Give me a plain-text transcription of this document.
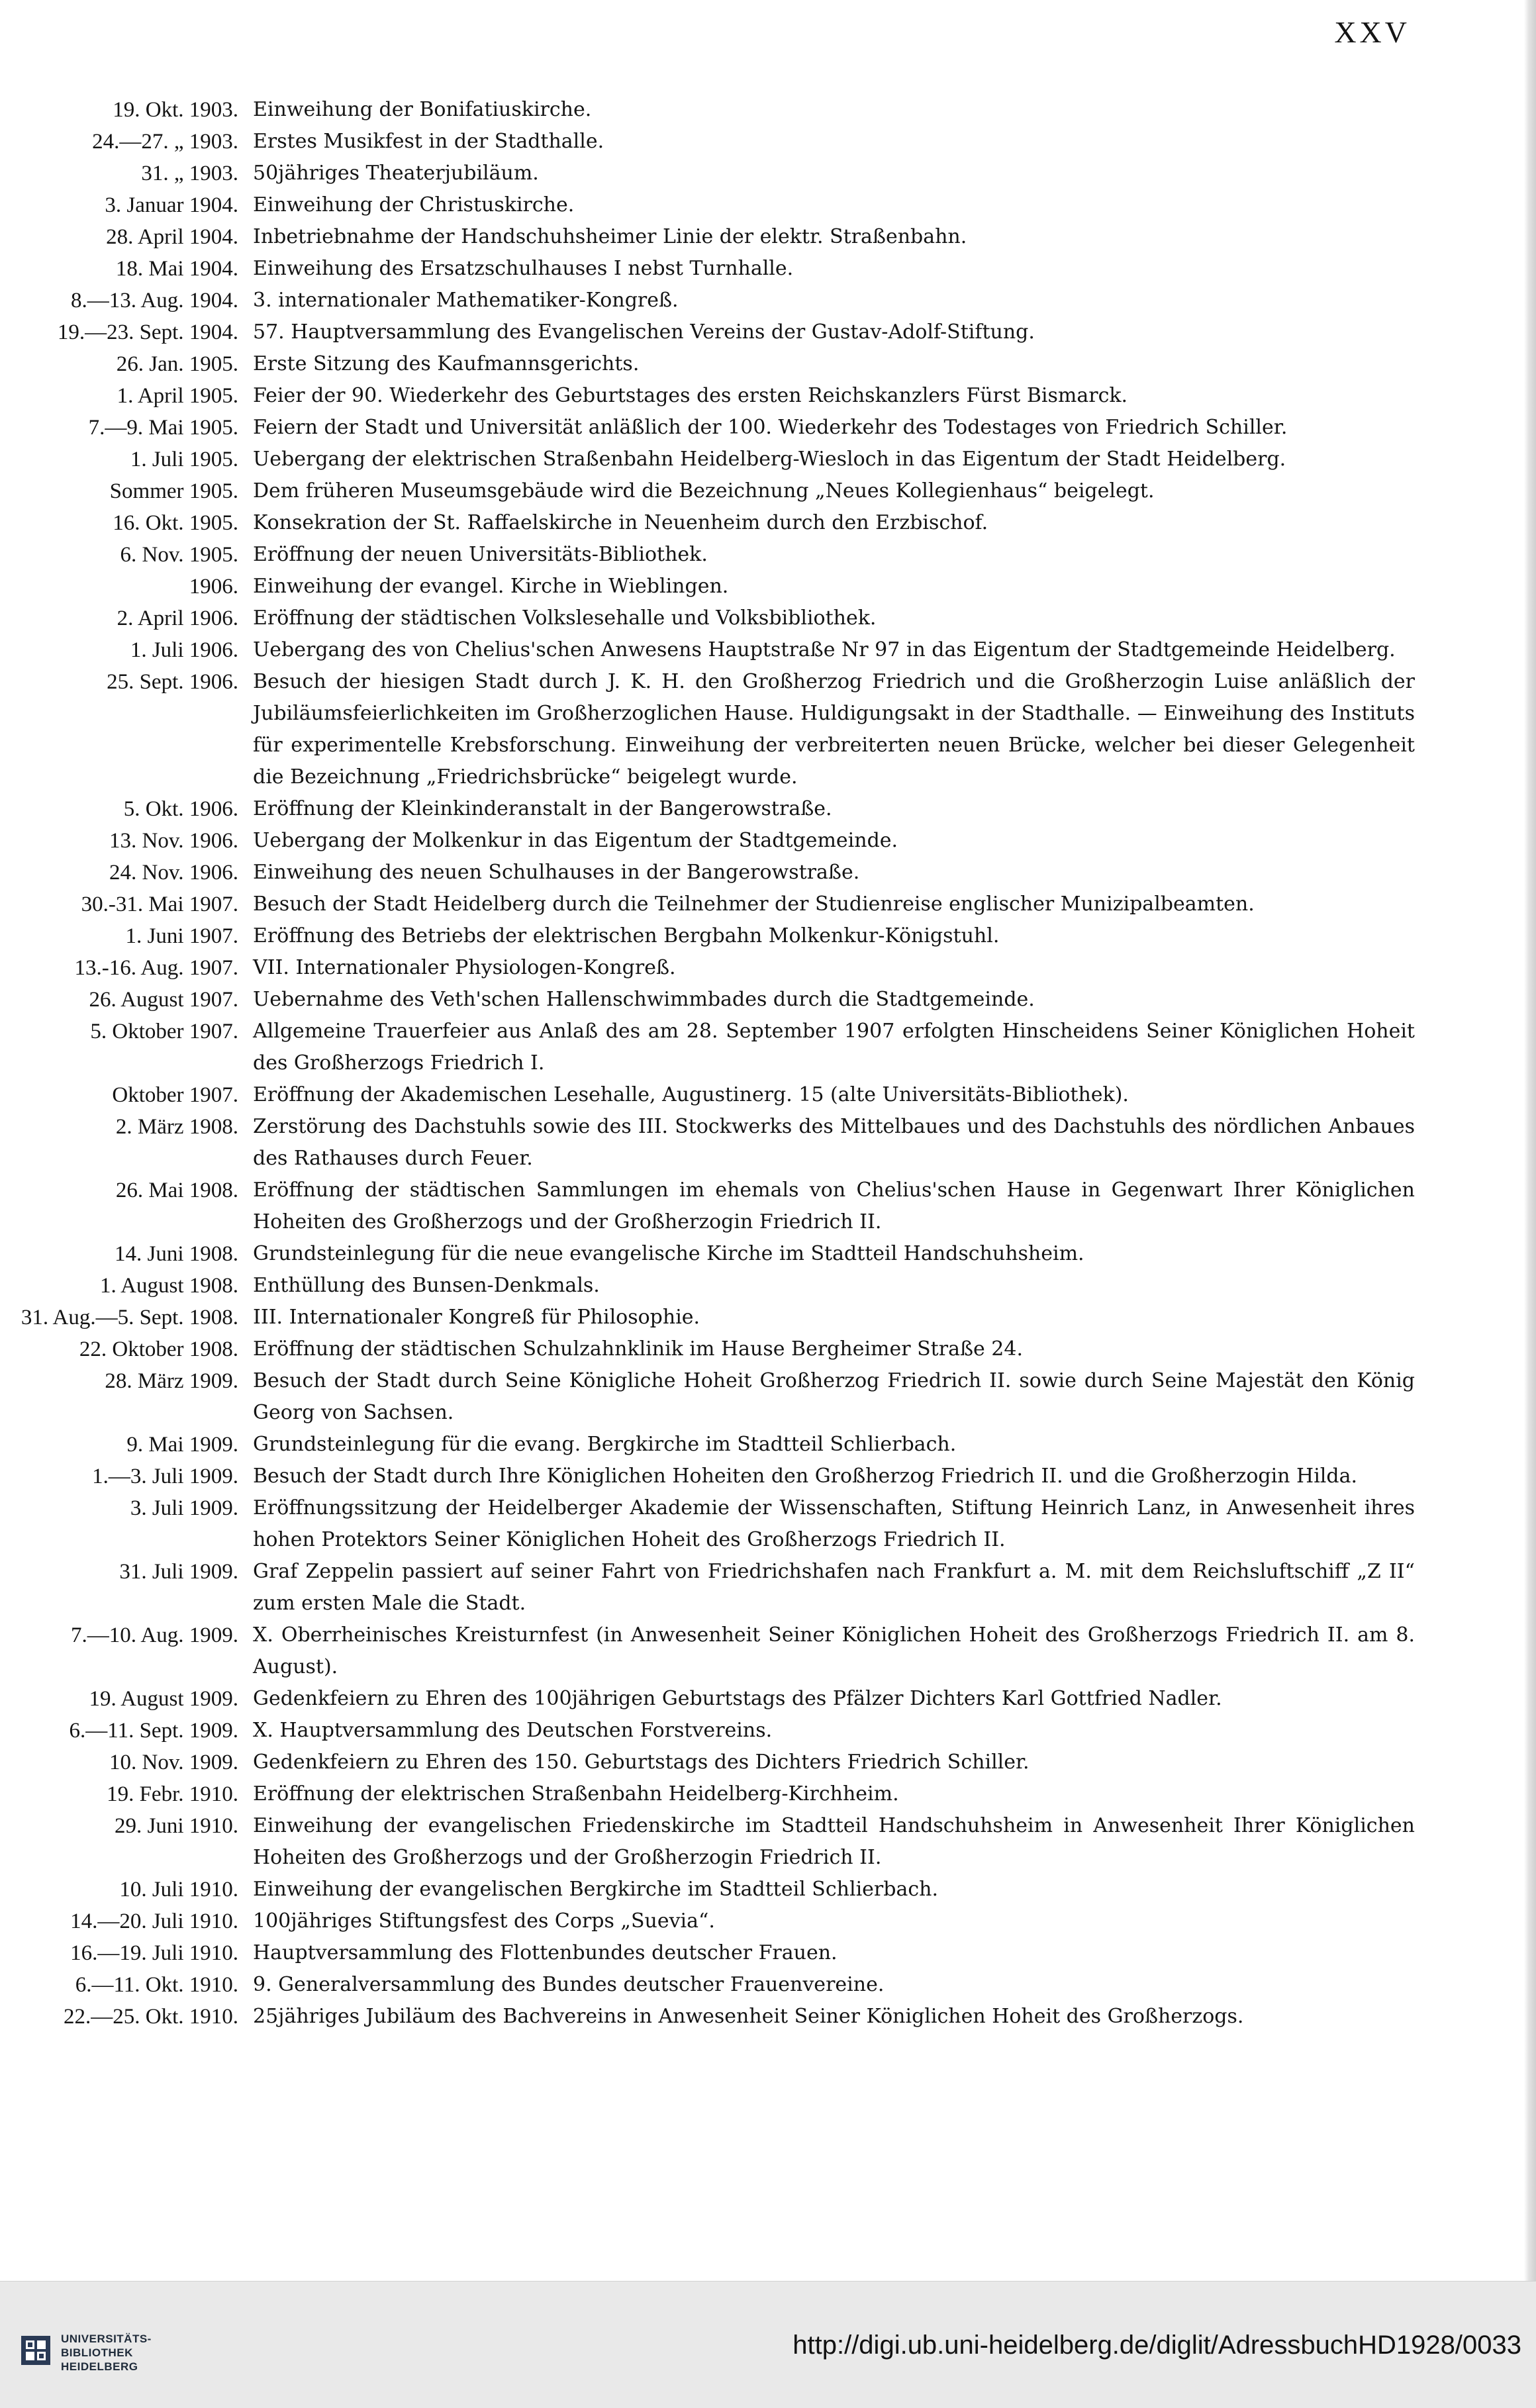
XXV
19. Okt. 1903. Einweihung der Bonifatiuskirche.
24.—27. „ 1903. Erstes Musikfest in der Stadthalle.
31. „ 1903. 50jähriges Theaterjubiläum.
3. Januar 1904. Einweihung der Christuskirche.
28. April 1904. Inbetriebnahme der Handschuhsheimer Linie der elektr. Straßenbahn.
18. Mai 1904. Einweihung des Ersatzschulhauses I nebst Turnhalle.
8.—13. Aug. 1904. 3. internationaler Mathematiker-Kongreß.
19.—23. Sept. 1904. 57. Hauptversammlung des Evangelischen Vereins der Gustav-Adolf-Stiftung.
26. Jan. 1905. Erste Sitzung des Kaufmannsgerichts.
1. April 1905. Feier der 90. Wiederkehr des Geburtstages des ersten Reichskanzlers Fürst Bismarck.
7.—9. Mai 1905. Feiern der Stadt und Universität anläßlich der 100. Wiederkehr des Todestages von Friedrich Schiller.
1. Juli 1905. Uebergang der elektrischen Straßenbahn Heidelberg-Wiesloch in das Eigentum der Stadt Heidelberg.
Sommer 1905. Dem früheren Museumsgebäude wird die Bezeichnung „Neues Kollegienhaus“ beigelegt.
16. Okt. 1905. Konsekration der St. Raffaelskirche in Neuenheim durch den Erzbischof.
6. Nov. 1905. Eröffnung der neuen Universitäts-Bibliothek.
1906. Einweihung der evangel. Kirche in Wieblingen.
2. April 1906. Eröffnung der städtischen Volkslesehalle und Volksbibliothek.
1. Juli 1906. Uebergang des von Chelius'schen Anwesens Hauptstraße Nr 97 in das Eigentum der Stadtgemeinde Heidelberg.
25. Sept. 1906. Besuch der hiesigen Stadt durch J. K. H. den Großherzog Friedrich und die Großherzogin Luise anläßlich der Jubiläumsfeierlichkeiten im Großherzoglichen Hause. Huldigungsakt in der Stadthalle. — Einweihung des Instituts für experimentelle Krebsforschung. Einweihung der verbreiterten neuen Brücke, welcher bei dieser Gelegenheit die Bezeichnung „Friedrichsbrücke“ beigelegt wurde.
5. Okt. 1906. Eröffnung der Kleinkinderanstalt in der Bangerowstraße.
13. Nov. 1906. Uebergang der Molkenkur in das Eigentum der Stadtgemeinde.
24. Nov. 1906. Einweihung des neuen Schulhauses in der Bangerowstraße.
30.-31. Mai 1907. Besuch der Stadt Heidelberg durch die Teilnehmer der Studienreise englischer Munizipalbeamten.
1. Juni 1907. Eröffnung des Betriebs der elektrischen Bergbahn Molkenkur-Königstuhl.
13.-16. Aug. 1907. VII. Internationaler Physiologen-Kongreß.
26. August 1907. Uebernahme des Veth'schen Hallenschwimmbades durch die Stadtgemeinde.
5. Oktober 1907. Allgemeine Trauerfeier aus Anlaß des am 28. September 1907 erfolgten Hinscheidens Seiner Königlichen Hoheit des Großherzogs Friedrich I.
Oktober 1907. Eröffnung der Akademischen Lesehalle, Augustinerg. 15 (alte Universitäts-Bibliothek).
2. März 1908. Zerstörung des Dachstuhls sowie des III. Stockwerks des Mittelbaues und des Dachstuhls des nördlichen Anbaues des Rathauses durch Feuer.
26. Mai 1908. Eröffnung der städtischen Sammlungen im ehemals von Chelius'schen Hause in Gegenwart Ihrer Königlichen Hoheiten des Großherzogs und der Großherzogin Friedrich II.
14. Juni 1908. Grundsteinlegung für die neue evangelische Kirche im Stadtteil Handschuhsheim.
1. August 1908. Enthüllung des Bunsen-Denkmals.
31. Aug.—5. Sept. 1908. III. Internationaler Kongreß für Philosophie.
22. Oktober 1908. Eröffnung der städtischen Schulzahnklinik im Hause Bergheimer Straße 24.
28. März 1909. Besuch der Stadt durch Seine Königliche Hoheit Großherzog Friedrich II. sowie durch Seine Majestät den König Georg von Sachsen.
9. Mai 1909. Grundsteinlegung für die evang. Bergkirche im Stadtteil Schlierbach.
1.—3. Juli 1909. Besuch der Stadt durch Ihre Königlichen Hoheiten den Großherzog Friedrich II. und die Großherzogin Hilda.
3. Juli 1909. Eröffnungssitzung der Heidelberger Akademie der Wissenschaften, Stiftung Heinrich Lanz, in Anwesenheit ihres hohen Protektors Seiner Königlichen Hoheit des Großherzogs Friedrich II.
31. Juli 1909. Graf Zeppelin passiert auf seiner Fahrt von Friedrichshafen nach Frankfurt a. M. mit dem Reichsluftschiff „Z II“ zum ersten Male die Stadt.
7.—10. Aug. 1909. X. Oberrheinisches Kreisturnfest (in Anwesenheit Seiner Königlichen Hoheit des Großherzogs Friedrich II. am 8. August).
19. August 1909. Gedenkfeiern zu Ehren des 100jährigen Geburtstags des Pfälzer Dichters Karl Gottfried Nadler.
6.—11. Sept. 1909. X. Hauptversammlung des Deutschen Forstvereins.
10. Nov. 1909. Gedenkfeiern zu Ehren des 150. Geburtstags des Dichters Friedrich Schiller.
19. Febr. 1910. Eröffnung der elektrischen Straßenbahn Heidelberg-Kirchheim.
29. Juni 1910. Einweihung der evangelischen Friedenskirche im Stadtteil Handschuhsheim in Anwesenheit Ihrer Königlichen Hoheiten des Großherzogs und der Großherzogin Friedrich II.
10. Juli 1910. Einweihung der evangelischen Bergkirche im Stadtteil Schlierbach.
14.—20. Juli 1910. 100jähriges Stiftungsfest des Corps „Suevia“.
16.—19. Juli 1910. Hauptversammlung des Flottenbundes deutscher Frauen.
6.—11. Okt. 1910. 9. Generalversammlung des Bundes deutscher Frauenvereine.
22.—25. Okt. 1910. 25jähriges Jubiläum des Bachvereins in Anwesenheit Seiner Königlichen Hoheit des Großherzogs.
UNIVERSITÄTS-
BIBLIOTHEK
HEIDELBERG
http://digi.ub.uni-heidelberg.de/diglit/AdressbuchHD1928/0033
